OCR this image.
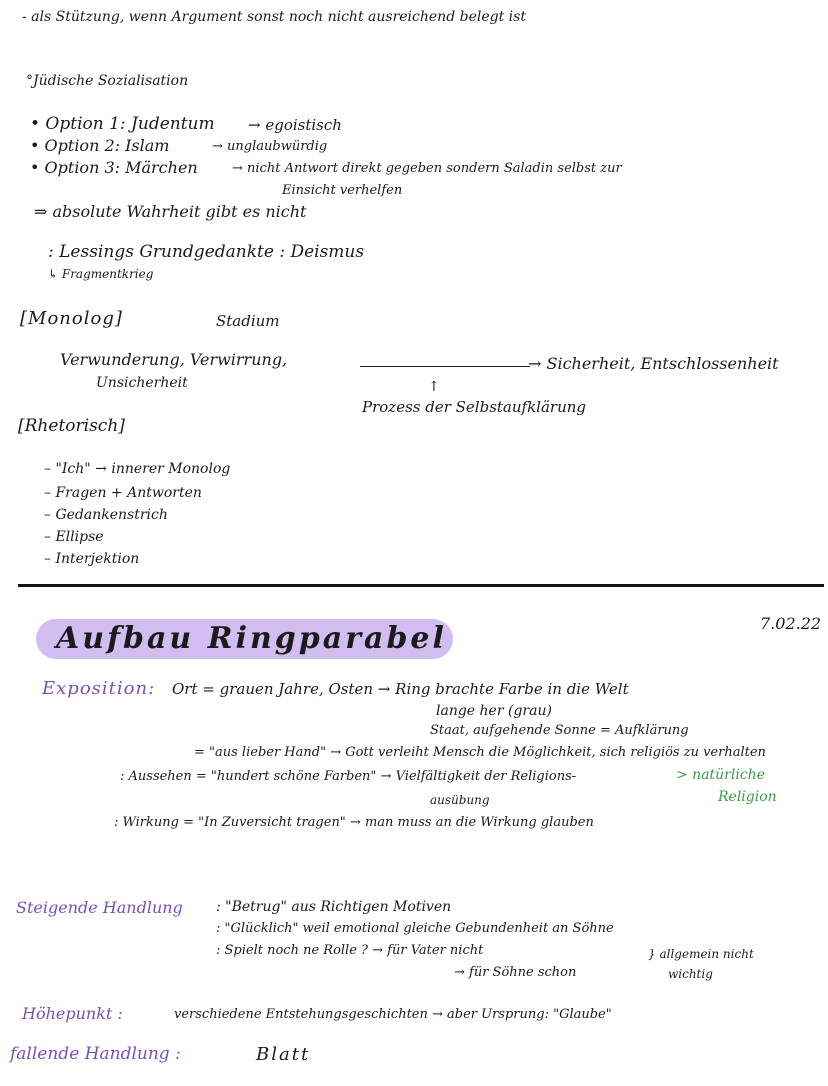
- als Stützung, wenn Argument sonst noch nicht ausreichend belegt ist
°Jüdische Sozialisation
• Option 1: Judentum → egoistisch
• Option 2: Islam	→ unglaubwürdig
• Option 3: Märchen	→ nicht Antwort direkt gegeben sondern Saladin selbst zur
Einsicht verhelfen
⇒ absolute Wahrheit gibt es nicht
: Lessings Grundgedankte : Deismus
↳ Fragmentkrieg
[Monolog]	Stadium
Verwunderung, Verwirrung,
Unsicherheit
→ Sicherheit, Entschlossenheit
↑
Prozess der Selbstaufklärung
[Rhetorisch]
– "Ich" → innerer Monolog
– Fragen + Antworten
– Gedankenstrich
– Ellipse
– Interjektion
7.02.22
Aufbau Ringparabel
Exposition: Ort = grauen Jahre, Osten → Ring brachte Farbe in die Welt
lange her (grau)
Staat, aufgehende Sonne = Aufklärung
= "aus lieber Hand" → Gott verleiht Mensch die Möglichkeit, sich religiös zu verhalten
: Aussehen = "hundert schöne Farben" → Vielfältigkeit der Religions-
ausübung
> natürliche
Religion
: Wirkung = "In Zuversicht tragen" → man muss an die Wirkung glauben
Steigende Handlung : "Betrug" aus Richtigen Motiven
: "Glücklich" weil emotional gleiche Gebundenheit an Söhne
: Spielt noch ne Rolle ? → für Vater nicht
→ für Söhne schon
} allgemein nicht
wichtig
Höhepunkt :	verschiedene Entstehungsgeschichten → aber Ursprung: "Glaube"
fallende Handlung :	Blatt
